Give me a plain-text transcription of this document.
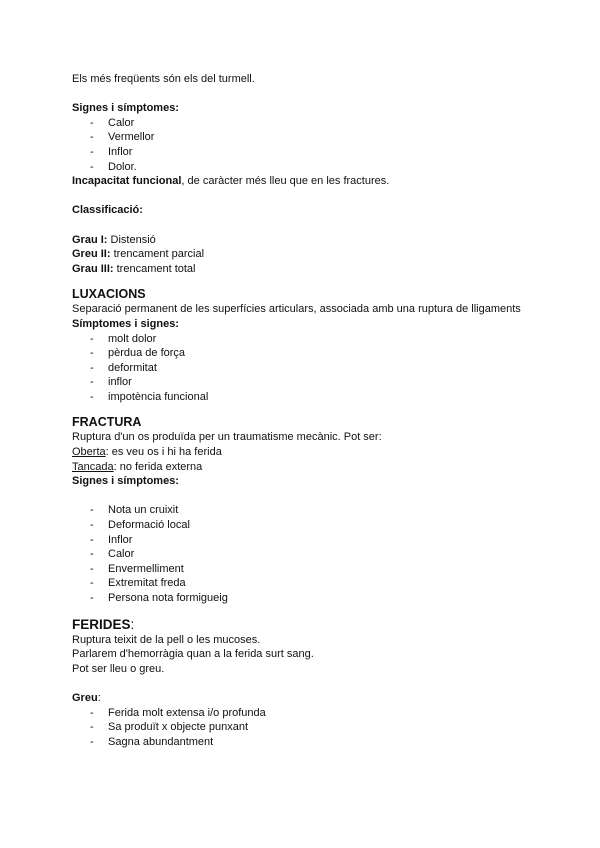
Els més freqüents són els del turmell.

Signes i símptomes:

- Calor
- Vermellor
- Inflor
- Dolor.

Incapacitat funcional, de caràcter més lleu que en les fractures.

Classificació:

Grau I: Distensió

Greu II: trencament parcial

Grau III: trencament total

LUXACIONS

Separació permanent de les superfícies articulars, associada amb una ruptura de lligaments

Símptomes i signes:

- molt dolor
- pèrdua de força
- deformitat
- inflor
- impotència funcional

FRACTURA

Ruptura d'un os produïda per un traumatisme mecànic. Pot ser:

Oberta: es veu os i hi ha ferida

Tancada: no ferida externa

Signes i símptomes:

- Nota un cruixit
- Deformació local
- Inflor
- Calor
- Envermelliment
- Extremitat freda
- Persona nota formigueig

FERIDES:

Ruptura teixit de la pell o les mucoses.

Parlarem d'hemorràgia quan a la ferida surt sang.

Pot ser lleu o greu.

Greu:

- Ferida molt extensa i/o profunda
- Sa produït x objecte punxant
- Sagna abundantment
